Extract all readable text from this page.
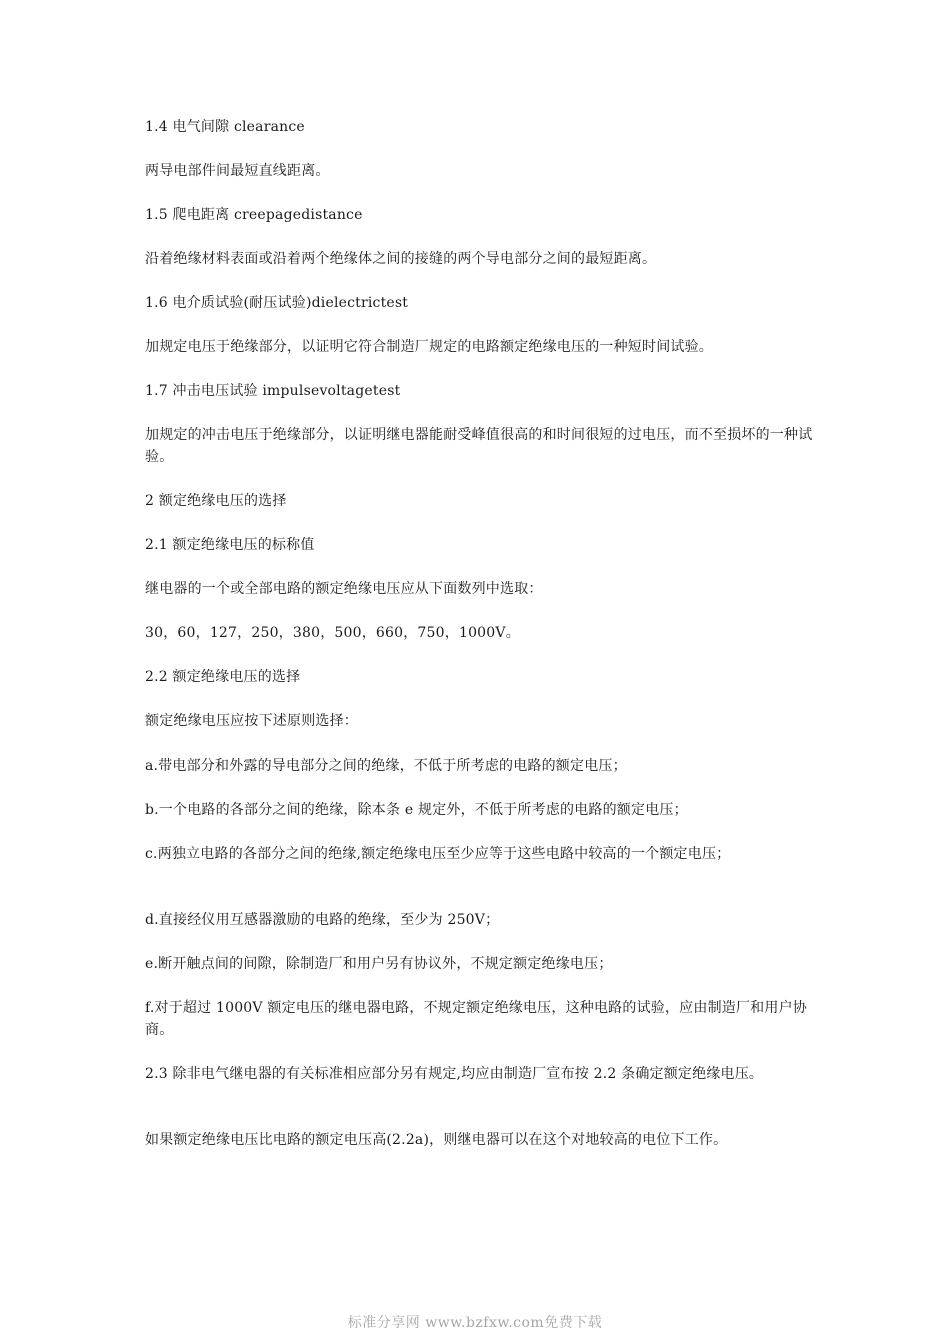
1.4 电气间隙 clearance

两导电部件间最短直线距离。

1.5 爬电距离 creepagedistance

沿着绝缘材料表面或沿着两个绝缘体之间的接缝的两个导电部分之间的最短距离。

1.6 电介质试验(耐压试验)dielectrictest

加规定电压于绝缘部分，以证明它符合制造厂规定的电路额定绝缘电压的一种短时间试验。

1.7 冲击电压试验 impulsevoltagetest

加规定的冲击电压于绝缘部分，以证明继电器能耐受峰值很高的和时间很短的过电压，而不至损坏的一种试验。

2 额定绝缘电压的选择

2.1 额定绝缘电压的标称值

继电器的一个或全部电路的额定绝缘电压应从下面数列中选取：

30，60，127，250，380，500，660，750，1000V。

2.2 额定绝缘电压的选择

额定绝缘电压应按下述原则选择：

a.带电部分和外露的导电部分之间的绝缘，不低于所考虑的电路的额定电压；

b.一个电路的各部分之间的绝缘，除本条 e 规定外，不低于所考虑的电路的额定电压；

c.两独立电路的各部分之间的绝缘,额定绝缘电压至少应等于这些电路中较高的一个额定电压；

d.直接经仪用互感器激励的电路的绝缘，至少为 250V；

e.断开触点间的间隙，除制造厂和用户另有协议外，不规定额定绝缘电压；

f.对于超过 1000V 额定电压的继电器电路，不规定额定绝缘电压，这种电路的试验，应由制造厂和用户协商。

2.3 除非电气继电器的有关标准相应部分另有规定,均应由制造厂宣布按 2.2 条确定额定绝缘电压。

如果额定绝缘电压比电路的额定电压高(2.2a)，则继电器可以在这个对地较高的电位下工作。

标准分享网 www.bzfxw.com免费下载
